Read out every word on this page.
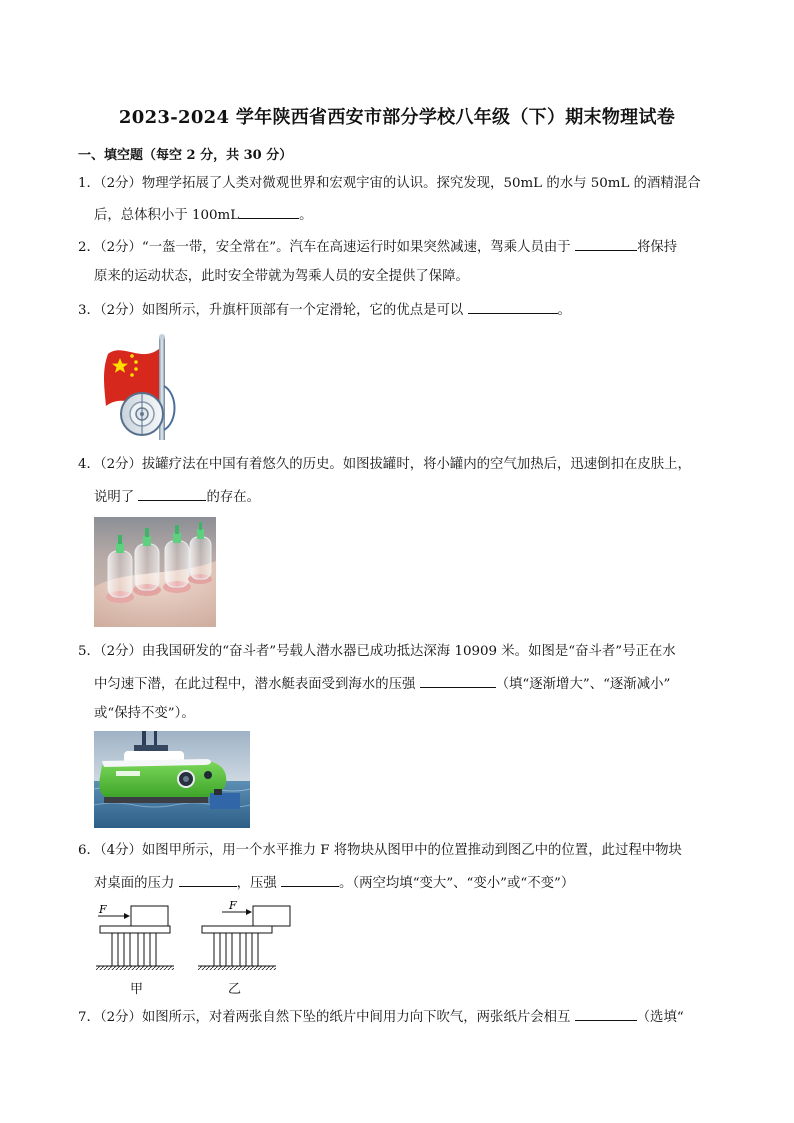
2023-2024 学年陕西省西安市部分学校八年级（下）期末物理试卷
一、填空题（每空 2 分，共 30 分）
1．（2分）物理学拓展了人类对微观世界和宏观宇宙的认识。探究发现，50mL 的水与 50mL 的酒精混合
后，总体积小于 100mL	。
2．（2分）“一盔一带，安全常在”。汽车在高速运行时如果突然减速，驾乘人员由于	将保持
原来的运动状态，此时安全带就为驾乘人员的安全提供了保障。
3．（2分）如图所示，升旗杆顶部有一个定滑轮，它的优点是可以	。
4．（2分）拔罐疗法在中国有着悠久的历史。如图拔罐时，将小罐内的空气加热后，迅速倒扣在皮肤上，
说明了	的存在。
5．（2分）由我国研发的“奋斗者”号载人潜水器已成功抵达深海 10909 米。如图是“奋斗者”号正在水
中匀速下潜，在此过程中，潜水艇表面受到海水的压强	（填“逐渐增大”、“逐渐减小”
或“保持不变”）。
6．（4分）如图甲所示，用一个水平推力 F 将物块从图甲中的位置推动到图乙中的位置，此过程中物块
对桌面的压力	，压强	。（两空均填“变大”、“变小”或“不变”）
F
甲
F
乙
7．（2分）如图所示，对着两张自然下坠的纸片中间用力向下吹气，两张纸片会相互	（选填“
